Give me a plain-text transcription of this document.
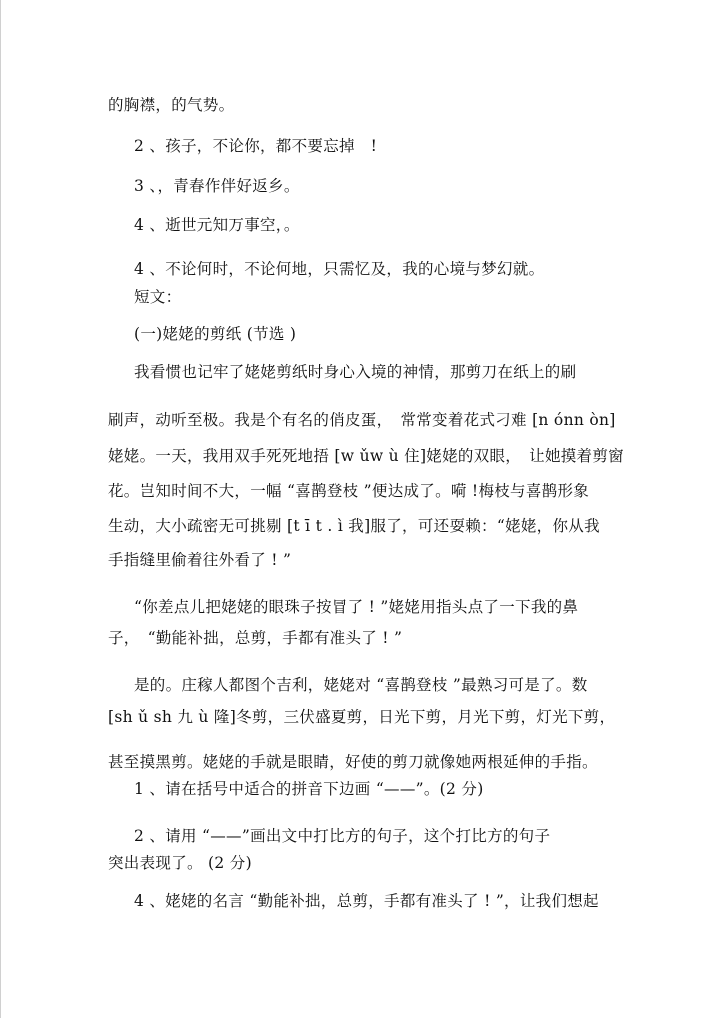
的胸襟，的气势。
2 、孩子，不论你，都不要忘掉　!
3 、，青春作伴好返乡。
4 、逝世元知万事空，。
4 、不论何时，不论何地，只需忆及，我的心境与梦幻就。
短文：
(一)姥姥的剪纸 (节选 )
我看惯也记牢了姥姥剪纸时身心入境的神情，那剪刀在纸上的刷
刷声，动听至极。我是个有名的俏皮蛋，　常常变着花式刁难 [n ónn òn]
姥姥。一天，我用双手死死地捂 [w ǔw ù 住]姥姥的双眼，　让她摸着剪窗
花。岂知时间不大，一幅 “喜鹊登枝 ”便达成了。嗬 !梅枝与喜鹊形象
生动，大小疏密无可挑剔 [t ī t . ì 我]服了，可还耍赖：“姥姥，你从我
手指缝里偷着往外看了 ! ”
“你差点儿把姥姥的眼珠子按冒了 ! ”姥姥用指头点了一下我的鼻
子，　“勤能补拙，总剪，手都有准头了 ! ”
是的。庄稼人都图个吉利，姥姥对 “喜鹊登枝 ”最熟习可是了。数
[sh ǔ sh 九 ù 隆]冬剪，三伏盛夏剪，日光下剪，月光下剪，灯光下剪，
甚至摸黑剪。姥姥的手就是眼睛，好使的剪刀就像她两根延伸的手指。
1 、请在括号中适合的拼音下边画 “——”。(2 分)
2 、请用 “——”画出文中打比方的句子，这个打比方的句子
突出表现了。 (2 分)
4 、姥姥的名言 “勤能补拙，总剪，手都有准头了 ! ”，让我们想起
